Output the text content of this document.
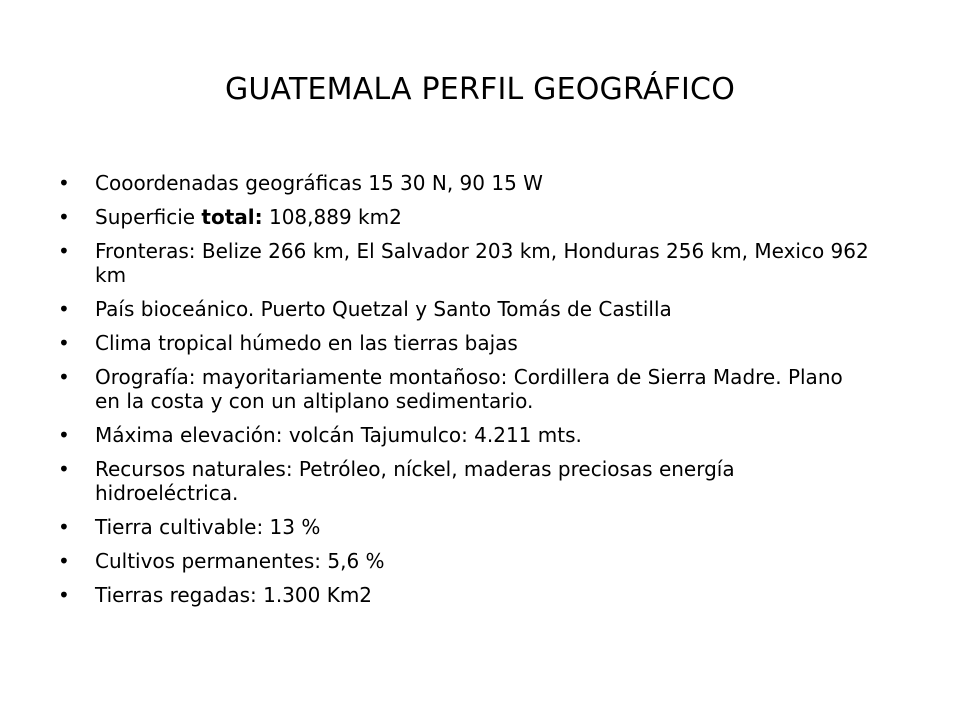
GUATEMALA PERFIL GEOGRÁFICO
•	Cooordenadas geográficas 15 30 N, 90 15 W
•	Superficie total: 108,889 km2
•	Fronteras: Belize 266 km, El Salvador 203 km, Honduras 256 km, Mexico 962 km
•	País bioceánico. Puerto Quetzal y Santo Tomás de Castilla
•	Clima tropical húmedo en las tierras bajas
•	Orografía: mayoritariamente montañoso: Cordillera de Sierra Madre. Plano en la costa y con un altiplano sedimentario.
•	Máxima elevación: volcán Tajumulco: 4.211 mts.
•	Recursos naturales: Petróleo, níckel, maderas preciosas energía hidroeléctrica.
•	Tierra cultivable: 13 %
•	Cultivos permanentes: 5,6 %
•	Tierras regadas: 1.300 Km2
